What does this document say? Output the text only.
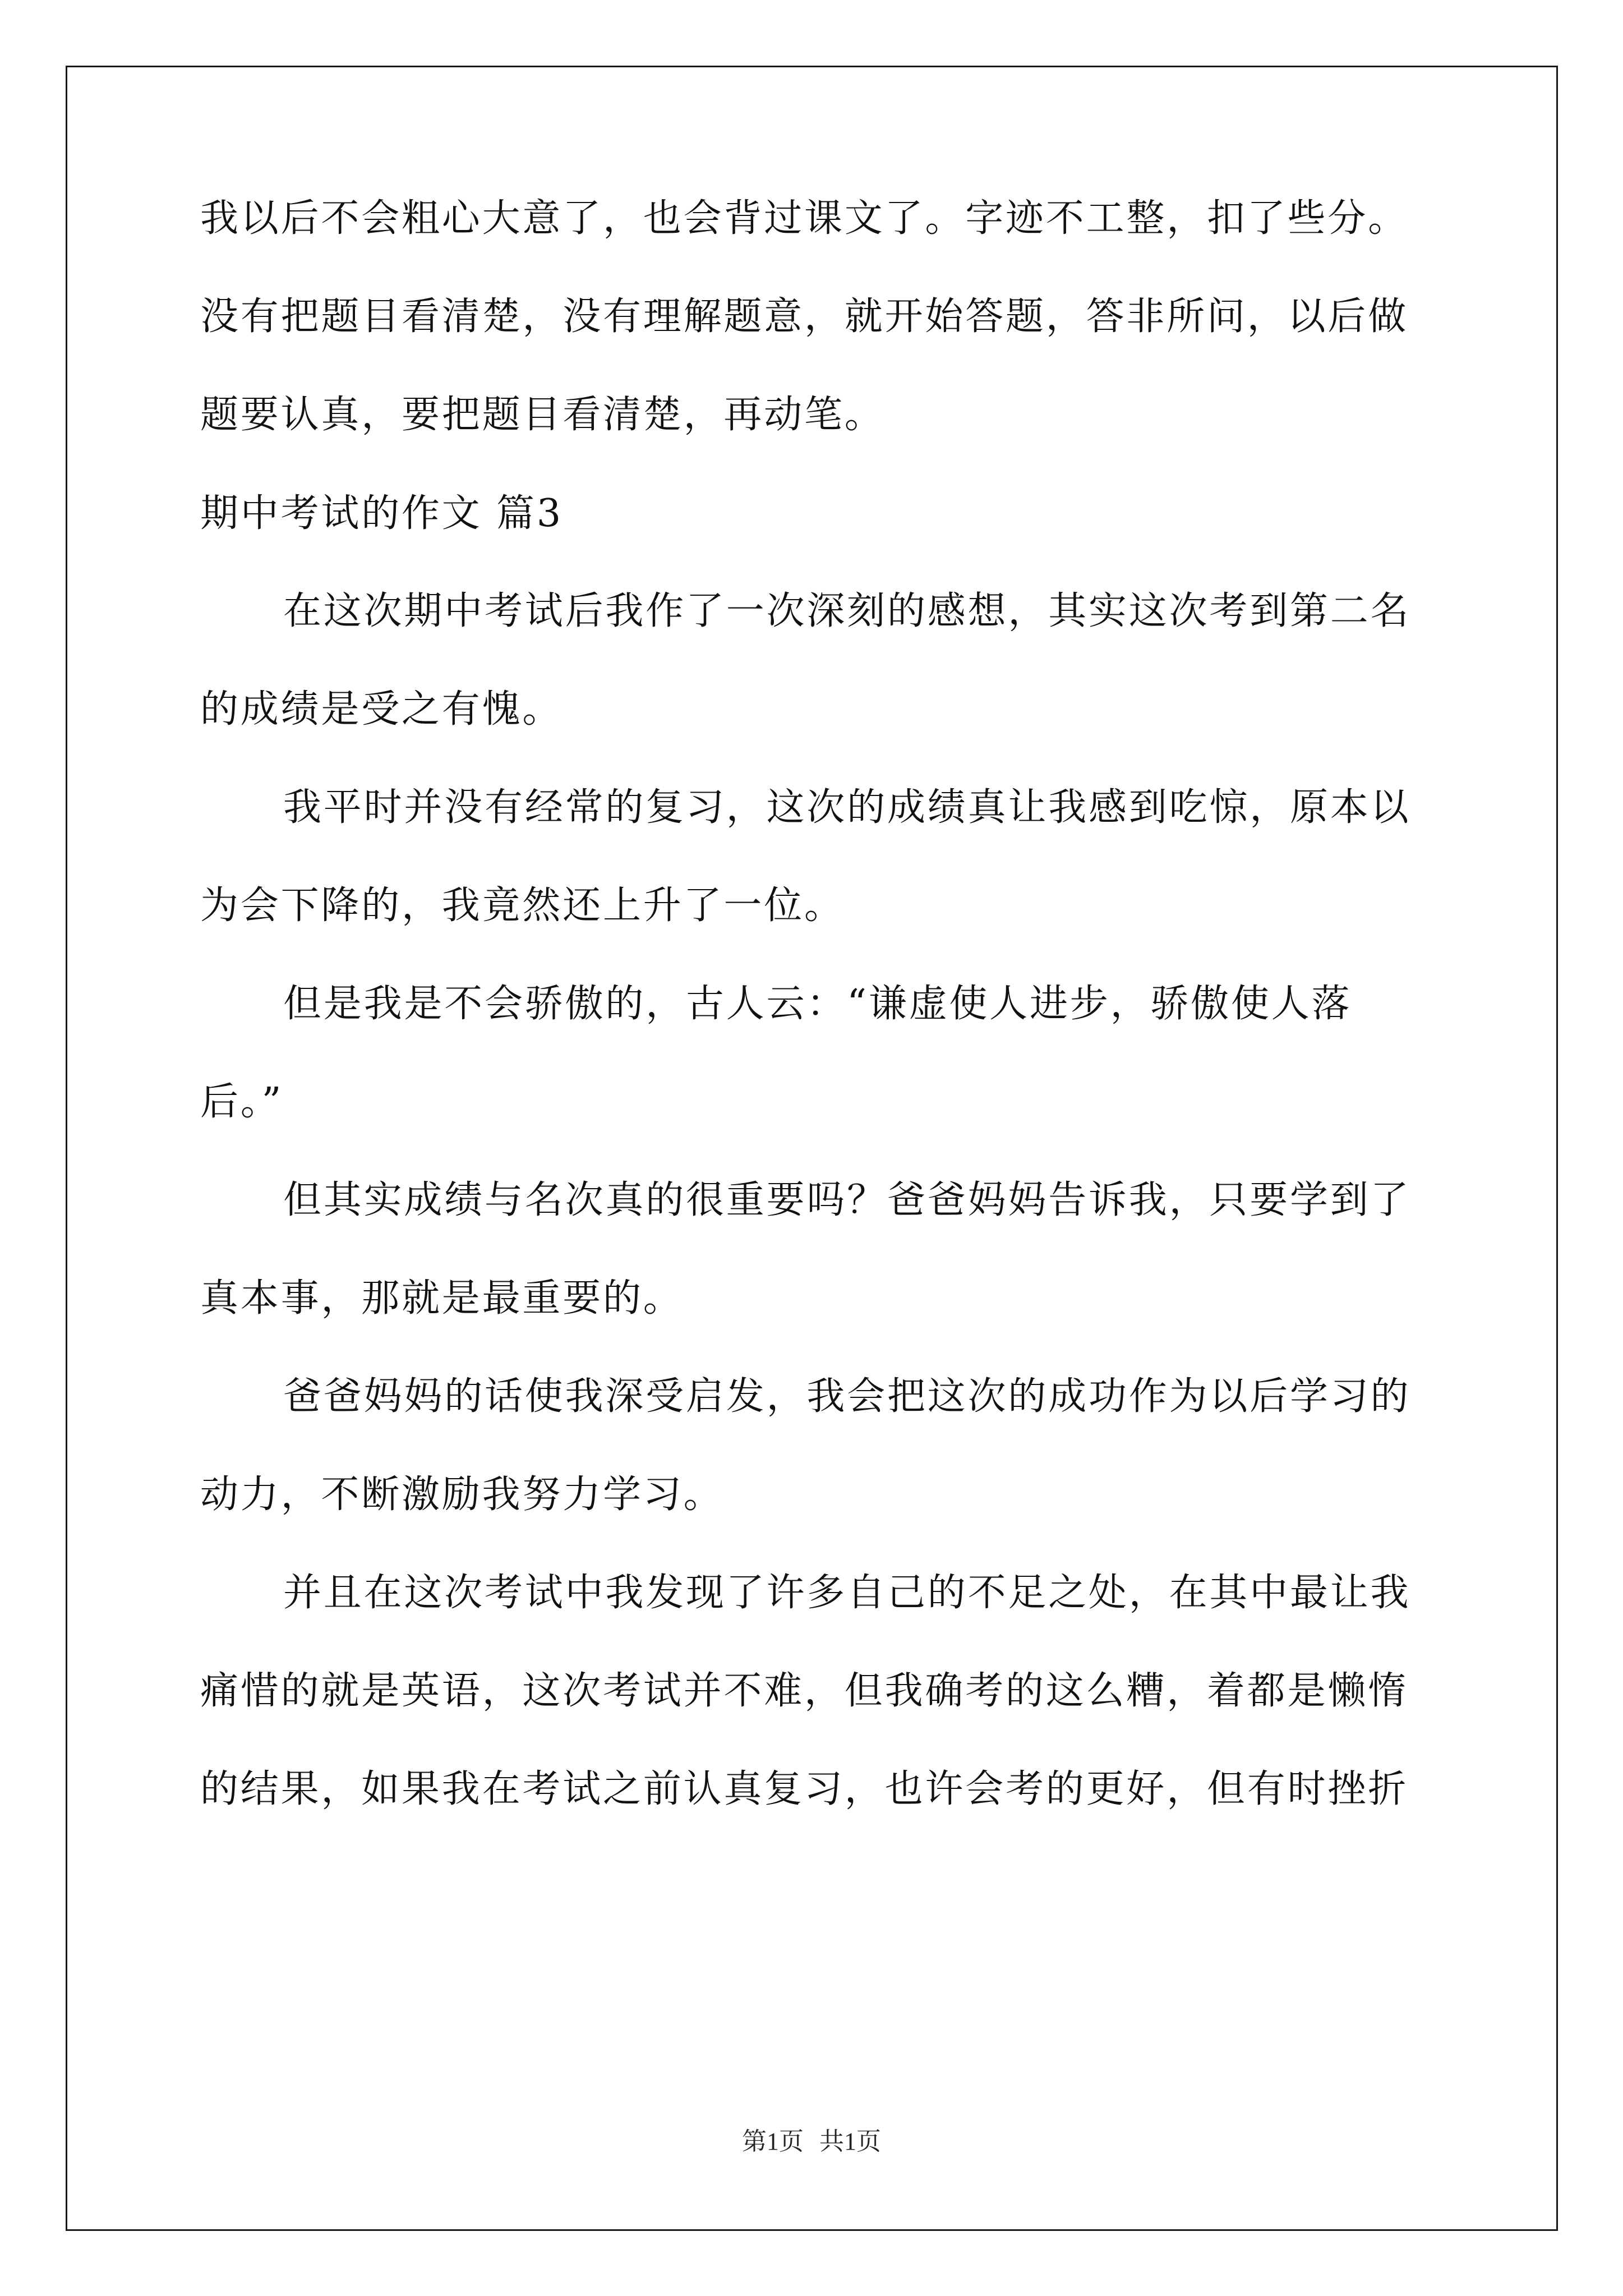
我以后不会粗心大意了，也会背过课文了。字迹不工整，扣了些分。
没有把题目看清楚，没有理解题意，就开始答题，答非所问，以后做
题要认真，要把题目看清楚，再动笔。
期中考试的作文 篇3
在这次期中考试后我作了一次深刻的感想，其实这次考到第二名
的成绩是受之有愧。
我平时并没有经常的复习，这次的成绩真让我感到吃惊，原本以
为会下降的，我竟然还上升了一位。
但是我是不会骄傲的，古人云：“谦虚使人进步，骄傲使人落
后。”
但其实成绩与名次真的很重要吗？爸爸妈妈告诉我，只要学到了
真本事，那就是最重要的。
爸爸妈妈的话使我深受启发，我会把这次的成功作为以后学习的
动力，不断激励我努力学习。
并且在这次考试中我发现了许多自己的不足之处，在其中最让我
痛惜的就是英语，这次考试并不难，但我确考的这么糟，着都是懒惰
的结果，如果我在考试之前认真复习，也许会考的更好，但有时挫折
第1页 共1页
